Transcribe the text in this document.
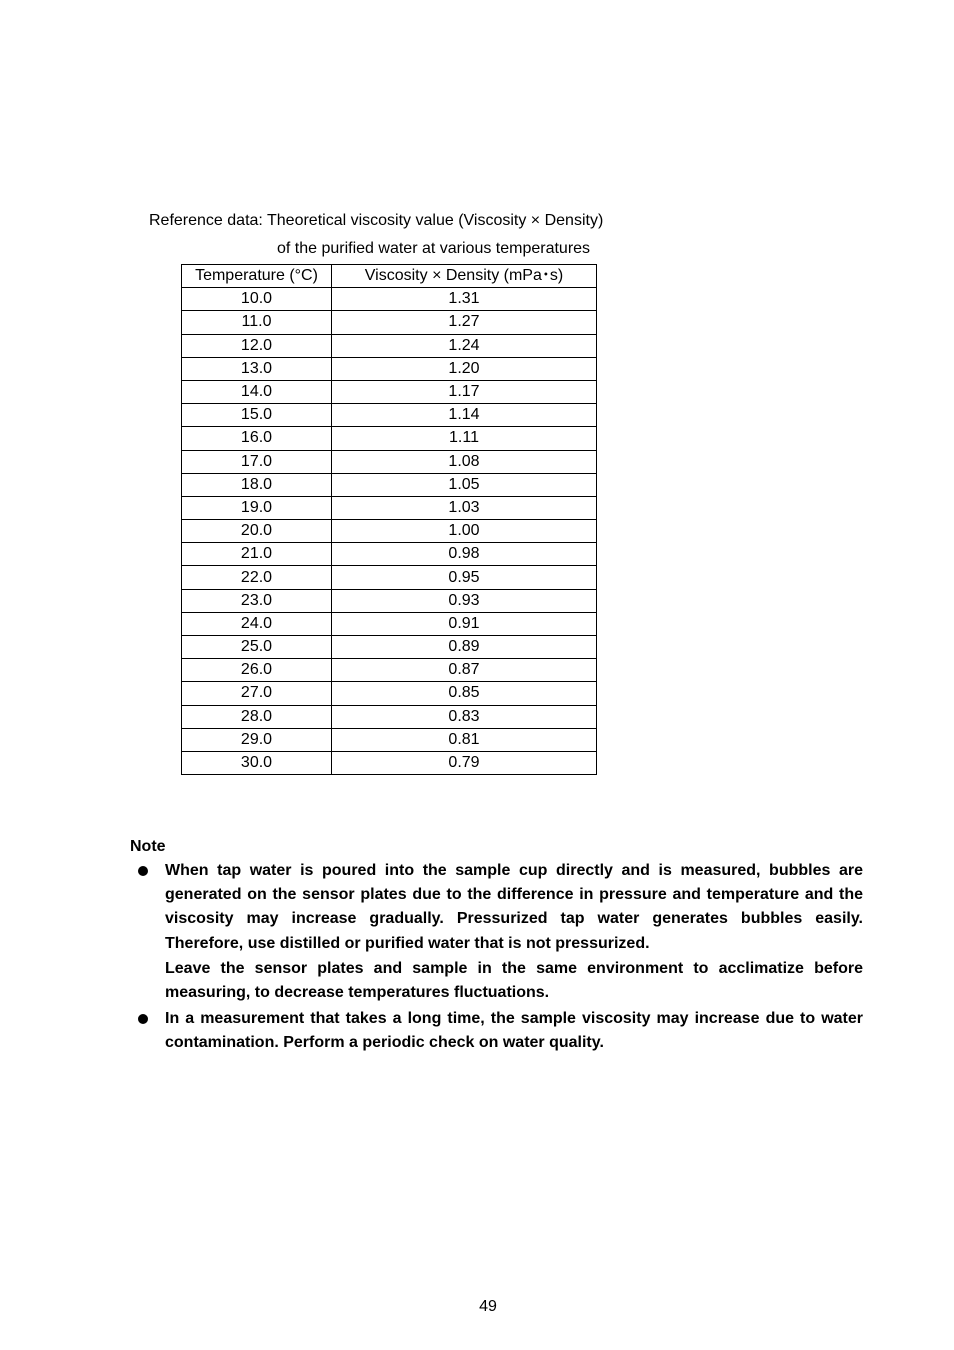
Reference data: Theoretical viscosity value (Viscosity × Density)
of the purified water at various temperatures
Temperature (°C)	Viscosity × Density (mPa･s)
10.0	1.31
11.0	1.27
12.0	1.24
13.0	1.20
14.0	1.17
15.0	1.14
16.0	1.11
17.0	1.08
18.0	1.05
19.0	1.03
20.0	1.00
21.0	0.98
22.0	0.95
23.0	0.93
24.0	0.91
25.0	0.89
26.0	0.87
27.0	0.85
28.0	0.83
29.0	0.81
30.0	0.79
Note

When tap water is poured into the sample cup directly and is measured, bubbles are generated on the sensor plates due to the difference in pressure and temperature and the viscosity may increase gradually. Pressurized tap water generates bubbles easily. Therefore, use distilled or purified water that is not pressurized.

Leave the sensor plates and sample in the same environment to acclimatize before measuring, to decrease temperatures fluctuations.

In a measurement that takes a long time, the sample viscosity may increase due to water contamination. Perform a periodic check on water quality.

49
